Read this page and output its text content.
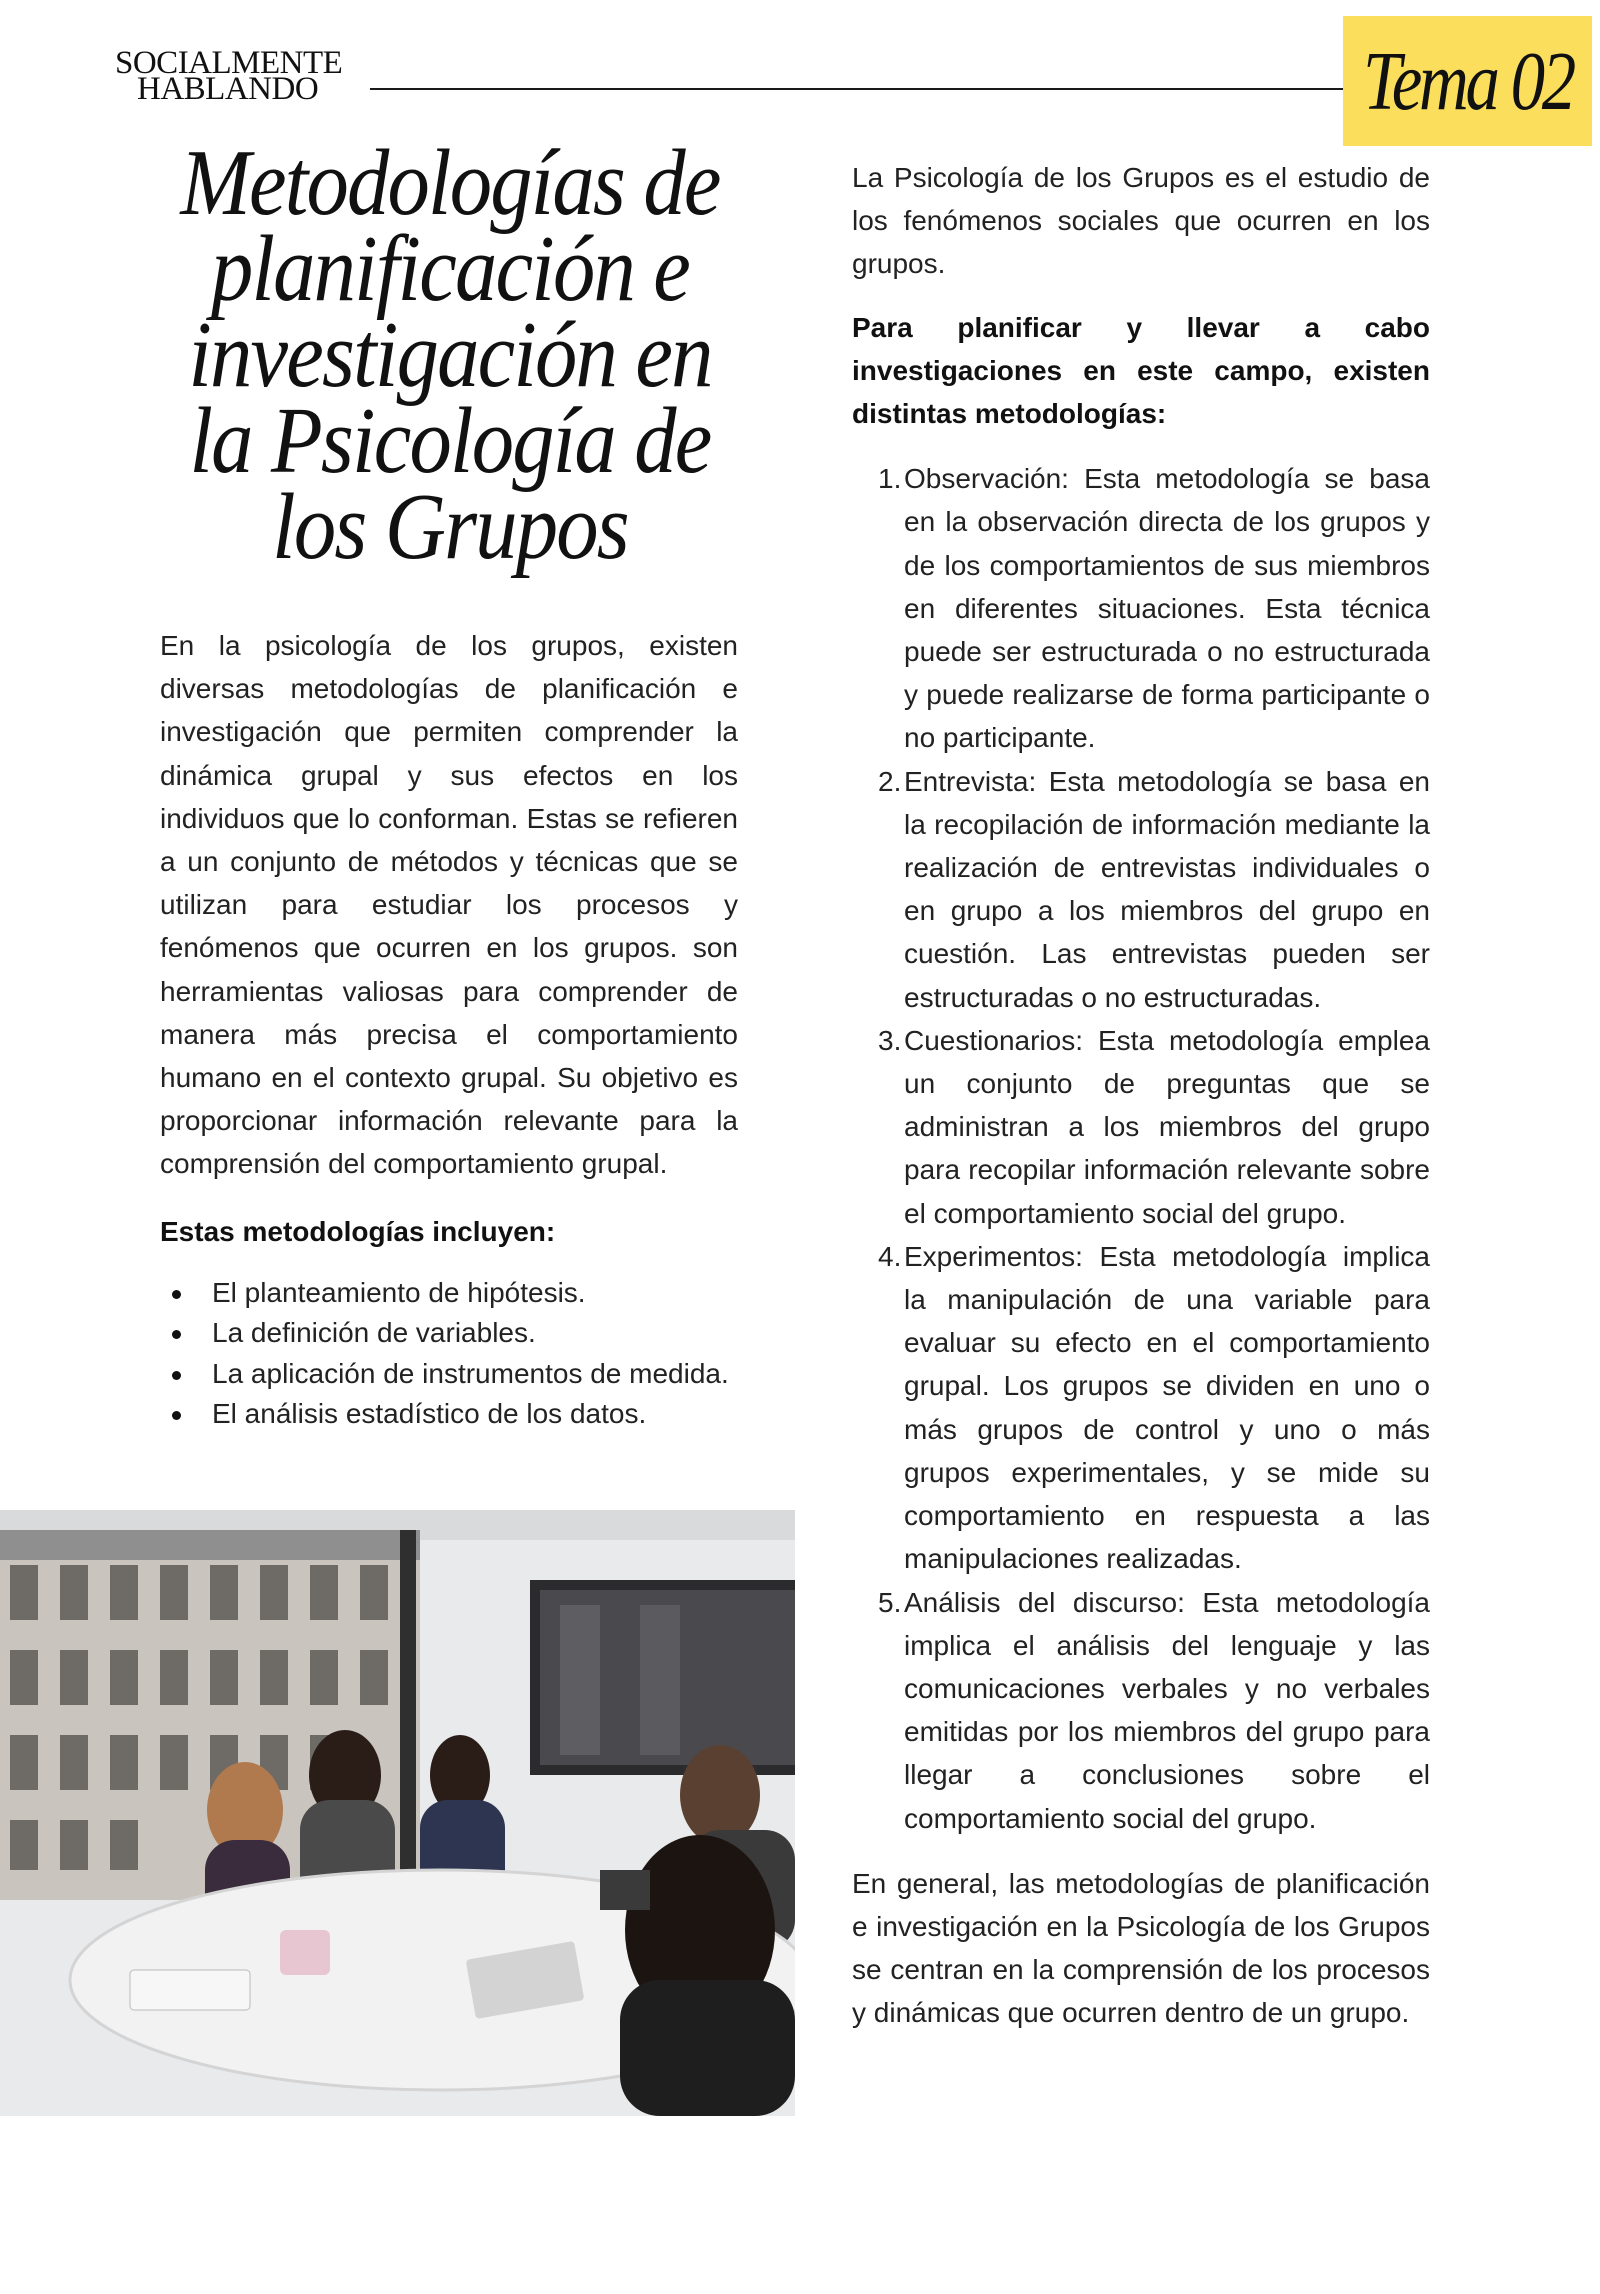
SOCIALMENTE
HABLANDO	Tema 02
Metodologías de planificación e investigación en la Psicología de los Grupos

En la psicología de los grupos, existen diversas metodologías de planificación e investigación que permiten comprender la dinámica grupal y sus efectos en los individuos que lo conforman. Estas se refieren a un conjunto de métodos y técnicas que se utilizan para estudiar los procesos y fenómenos que ocurren en los grupos. son herramientas valiosas para comprender de manera más precisa el comportamiento humano en el contexto grupal. Su objetivo es proporcionar información relevante para la comprensión del comportamiento grupal.

Estas metodologías incluyen:

El planteamiento de hipótesis.
La definición de variables.
La aplicación de instrumentos de medida.
El análisis estadístico de los datos.

La Psicología de los Grupos es el estudio de los fenómenos sociales que ocurren en los grupos.

Para planificar y llevar a cabo investigaciones en este campo, existen distintas metodologías:

1. Observación: Esta metodología se basa en la observación directa de los grupos y de los comportamientos de sus miembros en diferentes situaciones. Esta técnica puede ser estructurada o no estructurada y puede realizarse de forma participante o no participante.
2. Entrevista: Esta metodología se basa en la recopilación de información mediante la realización de entrevistas individuales o en grupo a los miembros del grupo en cuestión. Las entrevistas pueden ser estructuradas o no estructuradas.
3. Cuestionarios: Esta metodología emplea un conjunto de preguntas que se administran a los miembros del grupo para recopilar información relevante sobre el comportamiento social del grupo.
4. Experimentos: Esta metodología implica la manipulación de una variable para evaluar su efecto en el comportamiento grupal. Los grupos se dividen en uno o más grupos de control y uno o más grupos experimentales, y se mide su comportamiento en respuesta a las manipulaciones realizadas.
5. Análisis del discurso: Esta metodología implica el análisis del lenguaje y las comunicaciones verbales y no verbales emitidas por los miembros del grupo para llegar a conclusiones sobre el comportamiento social del grupo.

En general, las metodologías de planificación e investigación en la Psicología de los Grupos se centran en la comprensión de los procesos y dinámicas que ocurren dentro de un grupo.
